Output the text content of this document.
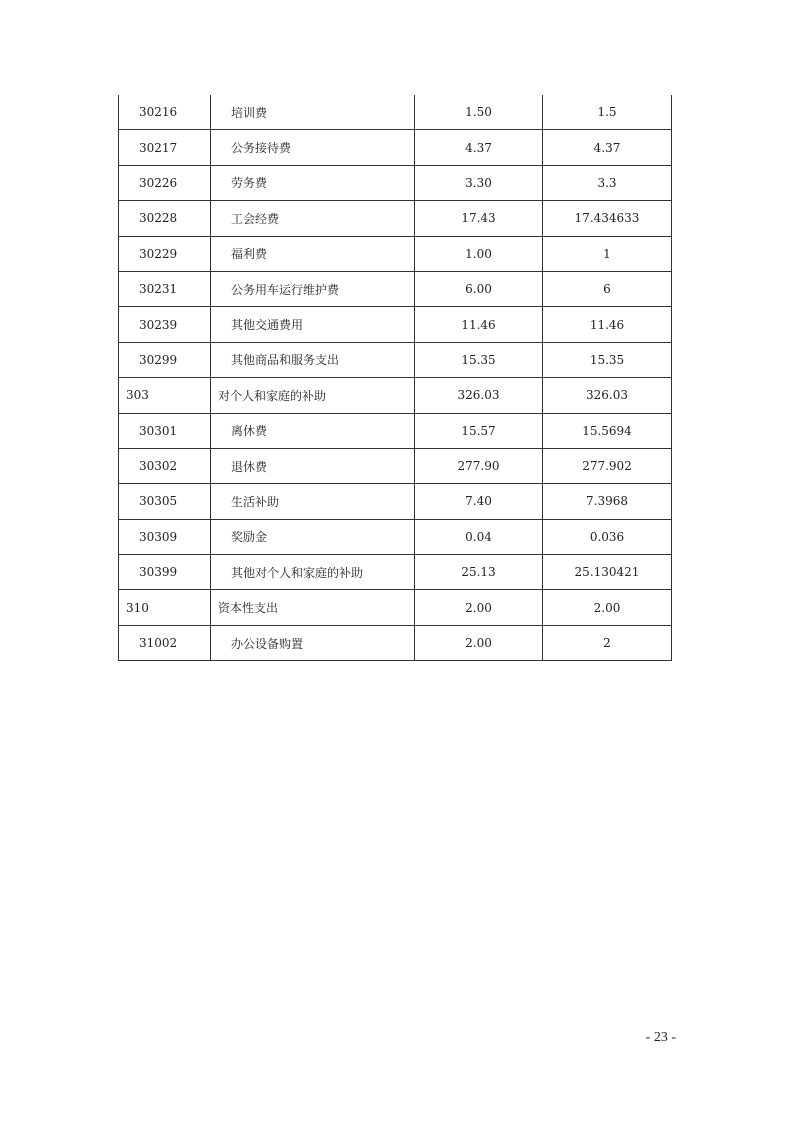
30216	培训费	1.50	1.5
30217	公务接待费	4.37	4.37
30226	劳务费	3.30	3.3
30228	工会经费	17.43	17.434633
30229	福利费	1.00	1
30231	公务用车运行维护费	6.00	6
30239	其他交通费用	11.46	11.46
30299	其他商品和服务支出	15.35	15.35
303	对个人和家庭的补助	326.03	326.03
30301	离休费	15.57	15.5694
30302	退休费	277.90	277.902
30305	生活补助	7.40	7.3968
30309	奖励金	0.04	0.036
30399	其他对个人和家庭的补助	25.13	25.130421
310	资本性支出	2.00	2.00
31002	办公设备购置	2.00	2
- 23 -
